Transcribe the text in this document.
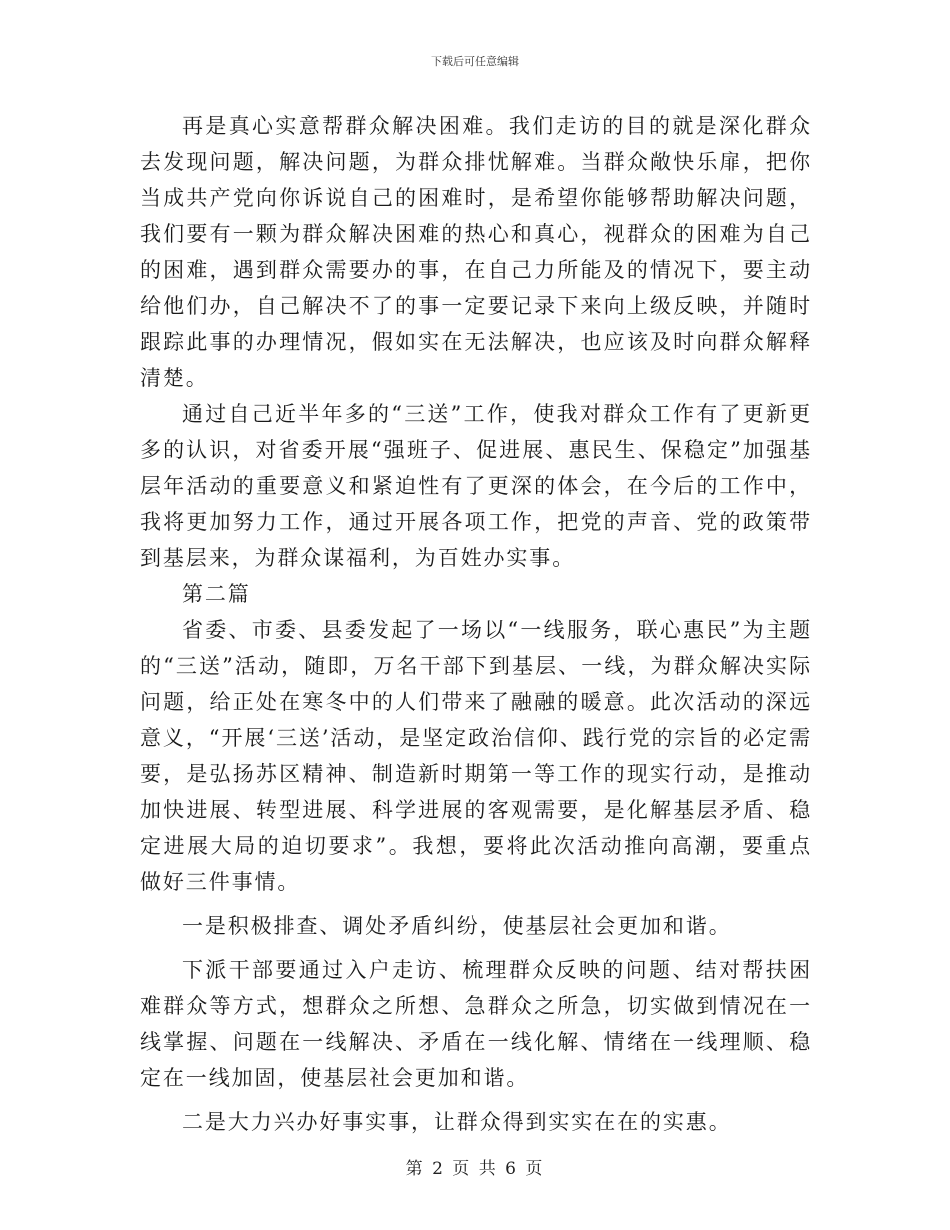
下载后可任意编辑

再是真心实意帮群众解决困难。我们走访的目的就是深化群众去发现问题，解决问题，为群众排忧解难。当群众敞快乐扉，把你当成共产党向你诉说自己的困难时，是希望你能够帮助解决问题，我们要有一颗为群众解决困难的热心和真心，视群众的困难为自己的困难，遇到群众需要办的事，在自己力所能及的情况下，要主动给他们办，自己解决不了的事一定要记录下来向上级反映，并随时跟踪此事的办理情况，假如实在无法解决，也应该及时向群众解释清楚。

通过自己近半年多的“三送”工作，使我对群众工作有了更新更多的认识，对省委开展“强班子、促进展、惠民生、保稳定”加强基层年活动的重要意义和紧迫性有了更深的体会，在今后的工作中，我将更加努力工作，通过开展各项工作，把党的声音、党的政策带到基层来，为群众谋福利，为百姓办实事。

第二篇

省委、市委、县委发起了一场以“一线服务，联心惠民”为主题的“三送”活动，随即，万名干部下到基层、一线，为群众解决实际问题，给正处在寒冬中的人们带来了融融的暖意。此次活动的深远意义，“开展‘三送’活动，是坚定政治信仰、践行党的宗旨的必定需要，是弘扬苏区精神、制造新时期第一等工作的现实行动，是推动加快进展、转型进展、科学进展的客观需要，是化解基层矛盾、稳定进展大局的迫切要求”。我想，要将此次活动推向高潮，要重点做好三件事情。

一是积极排查、调处矛盾纠纷，使基层社会更加和谐。

下派干部要通过入户走访、梳理群众反映的问题、结对帮扶困难群众等方式，想群众之所想、急群众之所急，切实做到情况在一线掌握、问题在一线解决、矛盾在一线化解、情绪在一线理顺、稳定在一线加固，使基层社会更加和谐。

二是大力兴办好事实事，让群众得到实实在在的实惠。

第 2 页 共 6 页
